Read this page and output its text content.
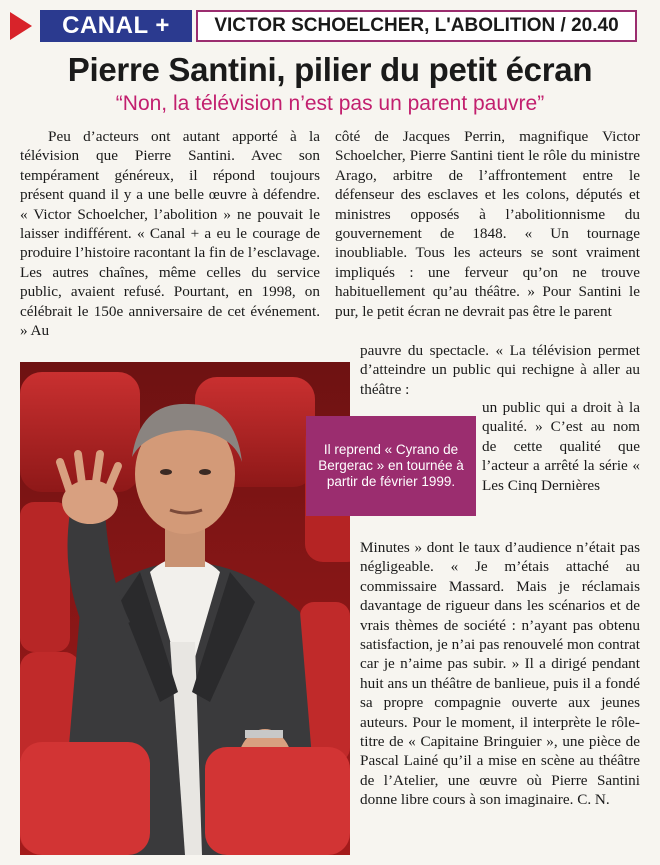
CANAL +	VICTOR SCHOELCHER, L'ABOLITION / 20.40
Pierre Santini, pilier du petit écran
“Non, la télévision n’est pas un parent pauvre”

Peu d’acteurs ont autant apporté à la télévision que Pierre Santini. Avec son tempérament généreux, il répond toujours présent quand il y a une belle œuvre à défendre. « Victor Schoelcher, l’abolition » ne pouvait le laisser indifférent. « Canal + a eu le courage de produire l’histoire racontant la fin de l’esclavage. Les autres chaînes, même celles du service public, avaient refusé. Pourtant, en 1998, on célébrait le 150e anniversaire de cet événement. » Au

côté de Jacques Perrin, magnifique Victor Schoelcher, Pierre Santini tient le rôle du ministre Arago, arbitre de l’affrontement entre le défenseur des esclaves et les colons, députés et ministres opposés à l’abolitionnisme du gouvernement de 1848. « Un tournage inoubliable. Tous les acteurs se sont vraiment impliqués : une ferveur qu’on ne trouve habituellement qu’au théâtre. » Pour Santini le pur, le petit écran ne devrait pas être le parent

pauvre du spectacle. « La télévision permet d’atteindre un public qui rechigne à aller au théâtre :

un public qui a droit à la qualité. » C’est au nom de cette qualité que l’acteur a arrêté la série « Les Cinq Dernières

Minutes » dont le taux d’audience n’était pas négligeable. « Je m’étais attaché au commissaire Massard. Mais je réclamais davantage de rigueur dans les scénarios et de vrais thèmes de société : n’ayant pas obtenu satisfaction, je n’ai pas renouvelé mon contrat car je n’aime pas subir. » Il a dirigé pendant huit ans un théâtre de banlieue, puis il a fondé sa propre compagnie ouverte aux jeunes auteurs. Pour le moment, il interprète le rôle-titre de « Capitaine Bringuier », une pièce de Pascal Lainé qu’il a mise en scène au théâtre de l’Atelier, une œuvre où Pierre Santini donne libre cours à son imaginaire. C. N.

Il reprend « Cyrano de Bergerac » en tournée à partir de février 1999.
